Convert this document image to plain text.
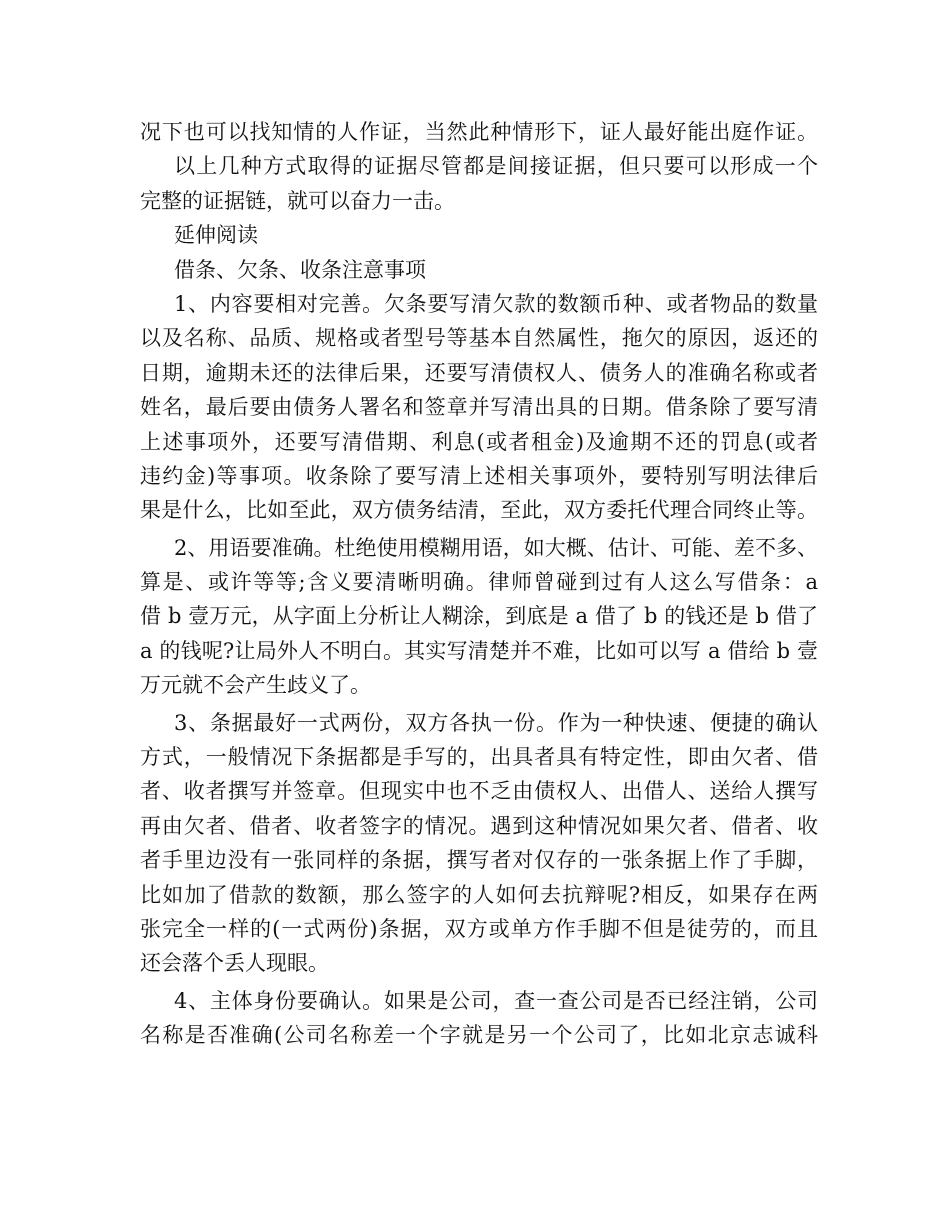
况下也可以找知情的人作证，当然此种情形下，证人最好能出庭作证。
以上几种方式取得的证据尽管都是间接证据，但只要可以形成一个
完整的证据链，就可以奋力一击。
延伸阅读
借条、欠条、收条注意事项
1、内容要相对完善。欠条要写清欠款的数额币种、或者物品的数量
以及名称、品质、规格或者型号等基本自然属性，拖欠的原因，返还的
日期，逾期未还的法律后果，还要写清债权人、债务人的准确名称或者
姓名，最后要由债务人署名和签章并写清出具的日期。借条除了要写清
上述事项外，还要写清借期、利息(或者租金)及逾期不还的罚息(或者
违约金)等事项。收条除了要写清上述相关事项外，要特别写明法律后
果是什么，比如至此，双方债务结清，至此，双方委托代理合同终止等。
2、用语要准确。杜绝使用模糊用语，如大概、估计、可能、差不多、
算是、或许等等;含义要清晰明确。律师曾碰到过有人这么写借条：a
借 b 壹万元，从字面上分析让人糊涂，到底是 a 借了 b 的钱还是 b 借了
a 的钱呢?让局外人不明白。其实写清楚并不难，比如可以写 a 借给 b 壹
万元就不会产生歧义了。
3、条据最好一式两份，双方各执一份。作为一种快速、便捷的确认
方式，一般情况下条据都是手写的，出具者具有特定性，即由欠者、借
者、收者撰写并签章。但现实中也不乏由债权人、出借人、送给人撰写
再由欠者、借者、收者签字的情况。遇到这种情况如果欠者、借者、收
者手里边没有一张同样的条据，撰写者对仅存的一张条据上作了手脚，
比如加了借款的数额，那么签字的人如何去抗辩呢?相反，如果存在两
张完全一样的(一式两份)条据，双方或单方作手脚不但是徒劳的，而且
还会落个丢人现眼。
4、主体身份要确认。如果是公司，查一查公司是否已经注销，公司
名称是否准确(公司名称差一个字就是另一个公司了，比如北京志诚科
